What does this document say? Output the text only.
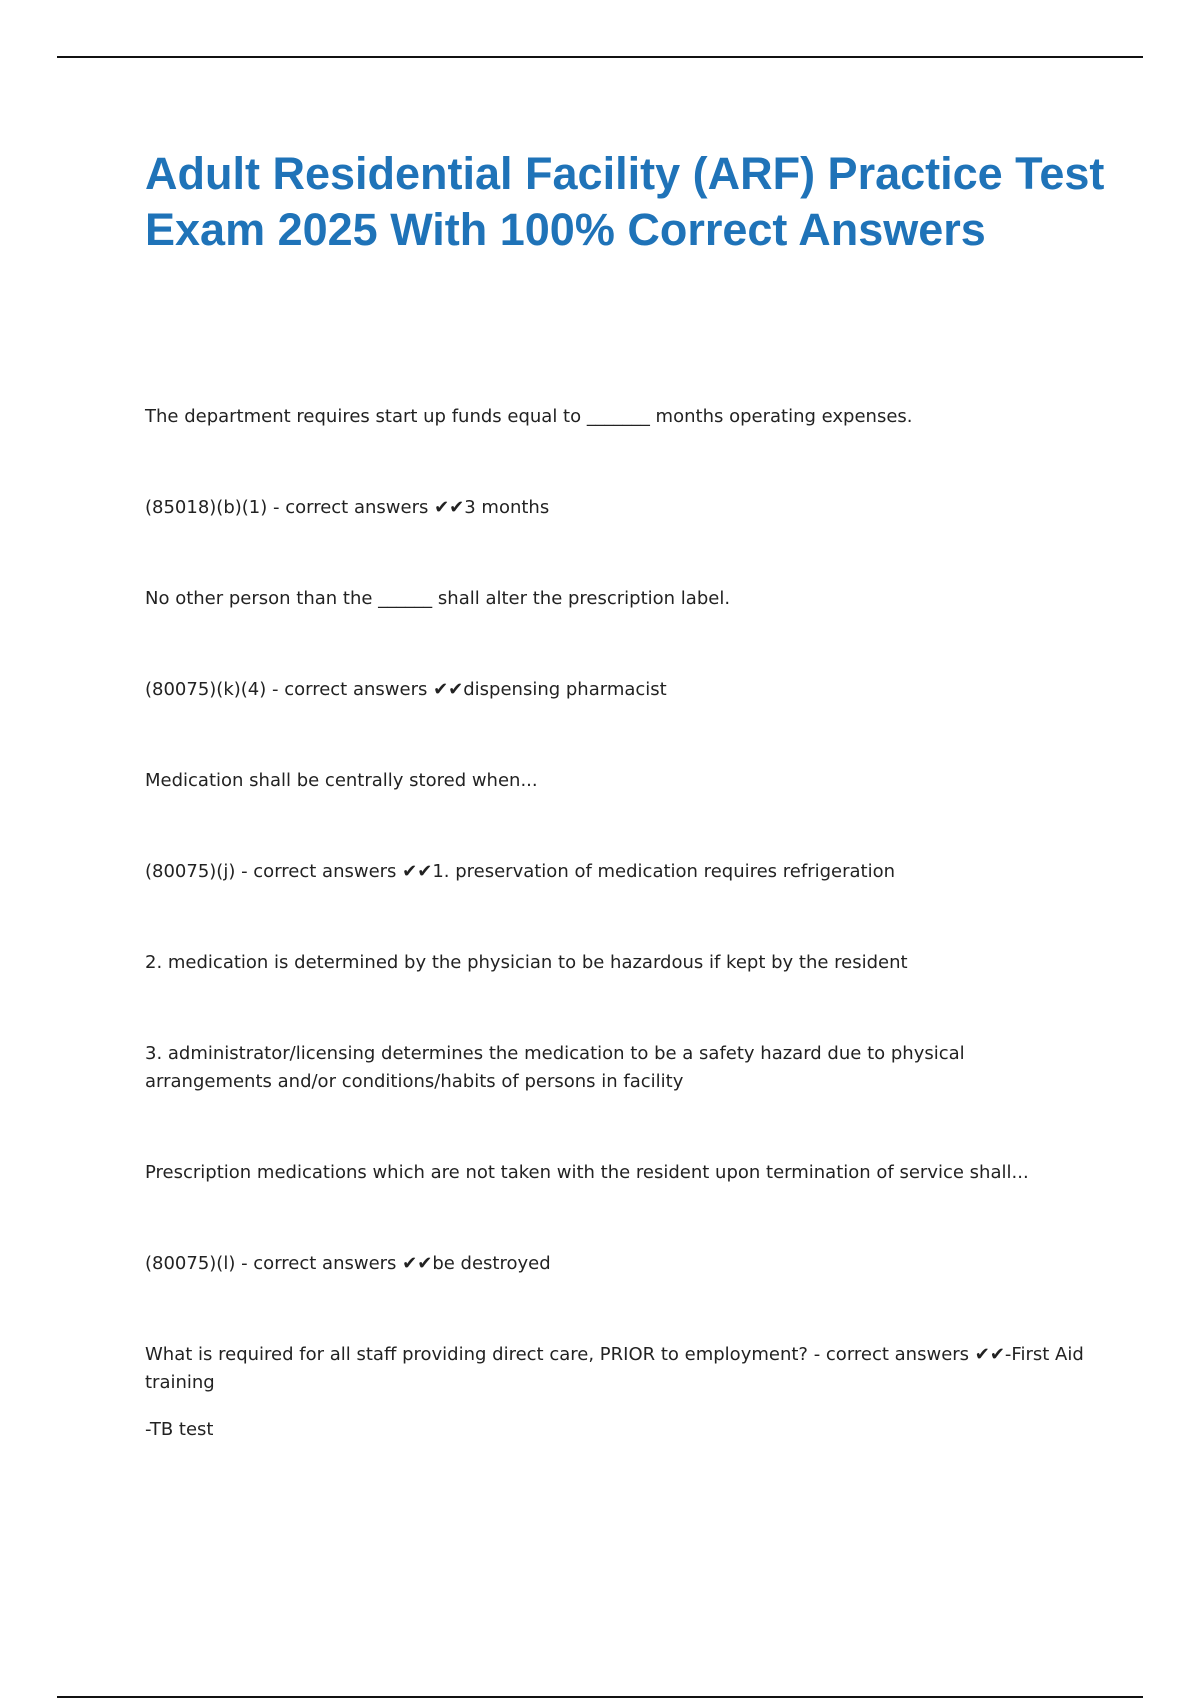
Adult Residential Facility (ARF) Practice Test Exam 2025 With 100% Correct Answers

The department requires start up funds equal to _______ months operating expenses.

(85018)(b)(1) - correct answers ✔✔3 months

No other person than the ______ shall alter the prescription label.

(80075)(k)(4) - correct answers ✔✔dispensing pharmacist

Medication shall be centrally stored when...

(80075)(j) - correct answers ✔✔1. preservation of medication requires refrigeration

2. medication is determined by the physician to be hazardous if kept by the resident

3. administrator/licensing determines the medication to be a safety hazard due to physical arrangements and/or conditions/habits of persons in facility

Prescription medications which are not taken with the resident upon termination of service shall...

(80075)(l) - correct answers ✔✔be destroyed

What is required for all staff providing direct care, PRIOR to employment? - correct answers ✔✔-First Aid training

-TB test
